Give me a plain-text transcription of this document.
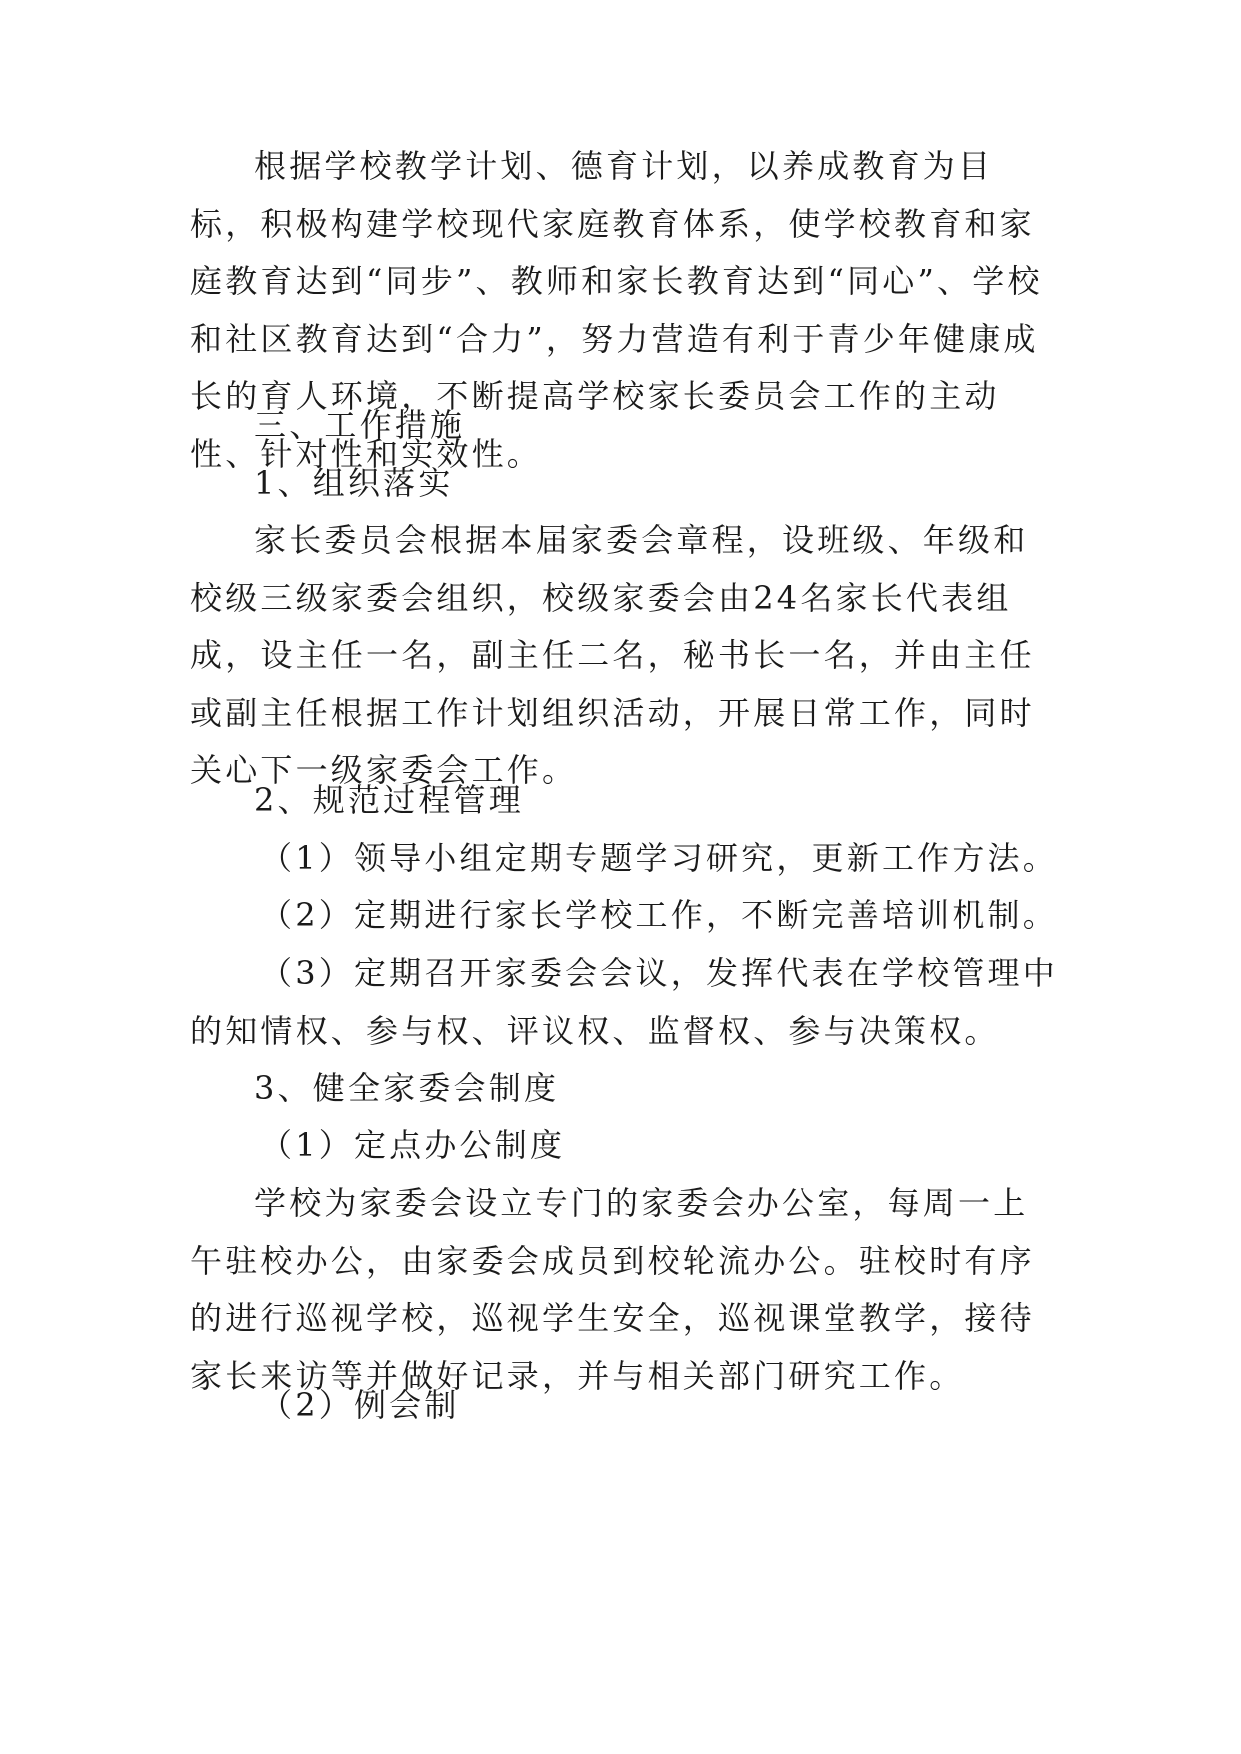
根据学校教学计划、德育计划，以养成教育为目标，积极构建学校现代家庭教育体系，使学校教育和家庭教育达到“同步”、教师和家长教育达到“同心”、学校和社区教育达到“合力”，努力营造有利于青少年健康成长的育人环境，不断提高学校家长委员会工作的主动性、针对性和实效性。

三、工作措施

1、组织落实

家长委员会根据本届家委会章程，设班级、年级和校级三级家委会组织，校级家委会由24名家长代表组成，设主任一名，副主任二名，秘书长一名，并由主任或副主任根据工作计划组织活动，开展日常工作，同时关心下一级家委会工作。

2、规范过程管理

（1）领导小组定期专题学习研究，更新工作方法。

（2）定期进行家长学校工作，不断完善培训机制。

（3）定期召开家委会会议，发挥代表在学校管理中的知情权、参与权、评议权、监督权、参与决策权。

3、健全家委会制度

（1）定点办公制度

学校为家委会设立专门的家委会办公室，每周一上午驻校办公，由家委会成员到校轮流办公。驻校时有序的进行巡视学校，巡视学生安全，巡视课堂教学，接待家长来访等并做好记录，并与相关部门研究工作。

（2）例会制
